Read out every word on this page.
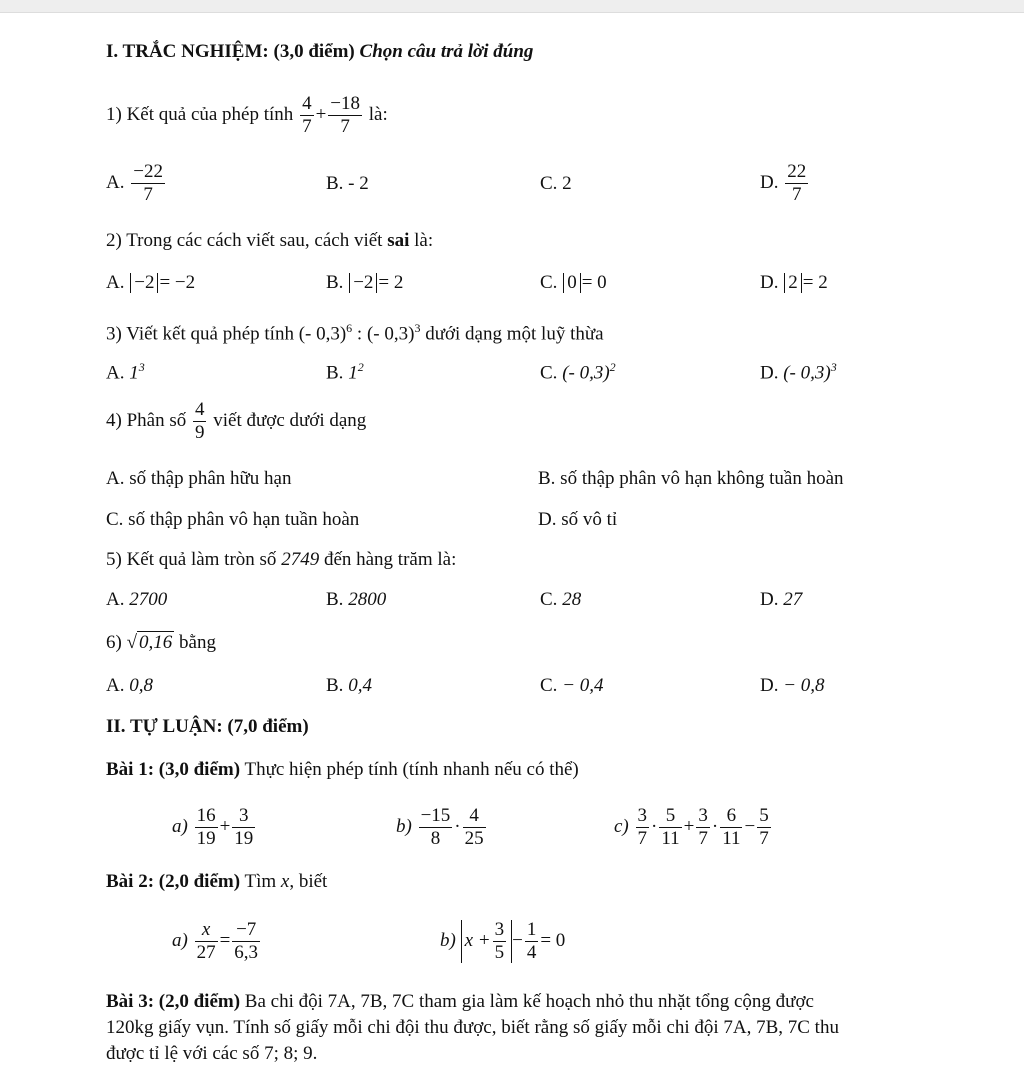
I. TRẮC NGHIỆM: (3,0 điểm) Chọn câu trả lời đúng
1) Kết quả của phép tính $\frac{4}{7} + \frac{-18}{7}$ là:
A. $\frac{-22}{7}$	B. - 2	C. 2	D. $\frac{22}{7}$
2) Trong các cách viết sau, cách viết sai là:
A. −2 = −2	B. −2 = 2	C. 0 = 0	D. 2 = 2
3) Viết kết quả phép tính (- 0,3)$^6$ : (- 0,3)$^3$ dưới dạng một luỹ thừa
A. $1^3$	B. $1^2$	C. (- 0,3)$^2$	D. (- 0,3)$^3$
4) Phân số $\frac{4}{9}$ viết được dưới dạng
A. số thập phân hữu hạn	B. số thập phân vô hạn không tuần hoàn
C. số thập phân vô hạn tuần hoàn	D. số vô tỉ
5) Kết quả làm tròn số 2749 đến hàng trăm là:
A. 2700	B. 2800	C. 28	D. 27
6) √ 0,16 bằng
A. 0,8	B. 0,4	C. − 0,4	D. − 0,8
II. TỰ LUẬN: (7,0 điểm)
Bài 1: (3,0 điểm) Thực hiện phép tính (tính nhanh nếu có thể)
$a) \frac{16}{19} + \frac{3}{19}$	$b) \frac{-15}{8} \cdot \frac{4}{25}$	$c) \frac{3}{7} \cdot \frac{5}{11} + \frac{3}{7} \cdot \frac{6}{11} - \frac{5}{7}$
Bài 2: (2,0 điểm) Tìm x, biết
$a) \frac{x}{27} = \frac{-7}{6,3}$	b) $x + \frac{3}{5} - \frac{1}{4} = 0$
Bài 3: (2,0 điểm) Ba chi đội 7A, 7B, 7C tham gia làm kế hoạch nhỏ thu nhặt tổng cộng được
120kg giấy vụn. Tính số giấy mỗi chi đội thu được, biết rằng số giấy mỗi chi đội 7A, 7B, 7C thu
được tỉ lệ với các số 7; 8; 9.
